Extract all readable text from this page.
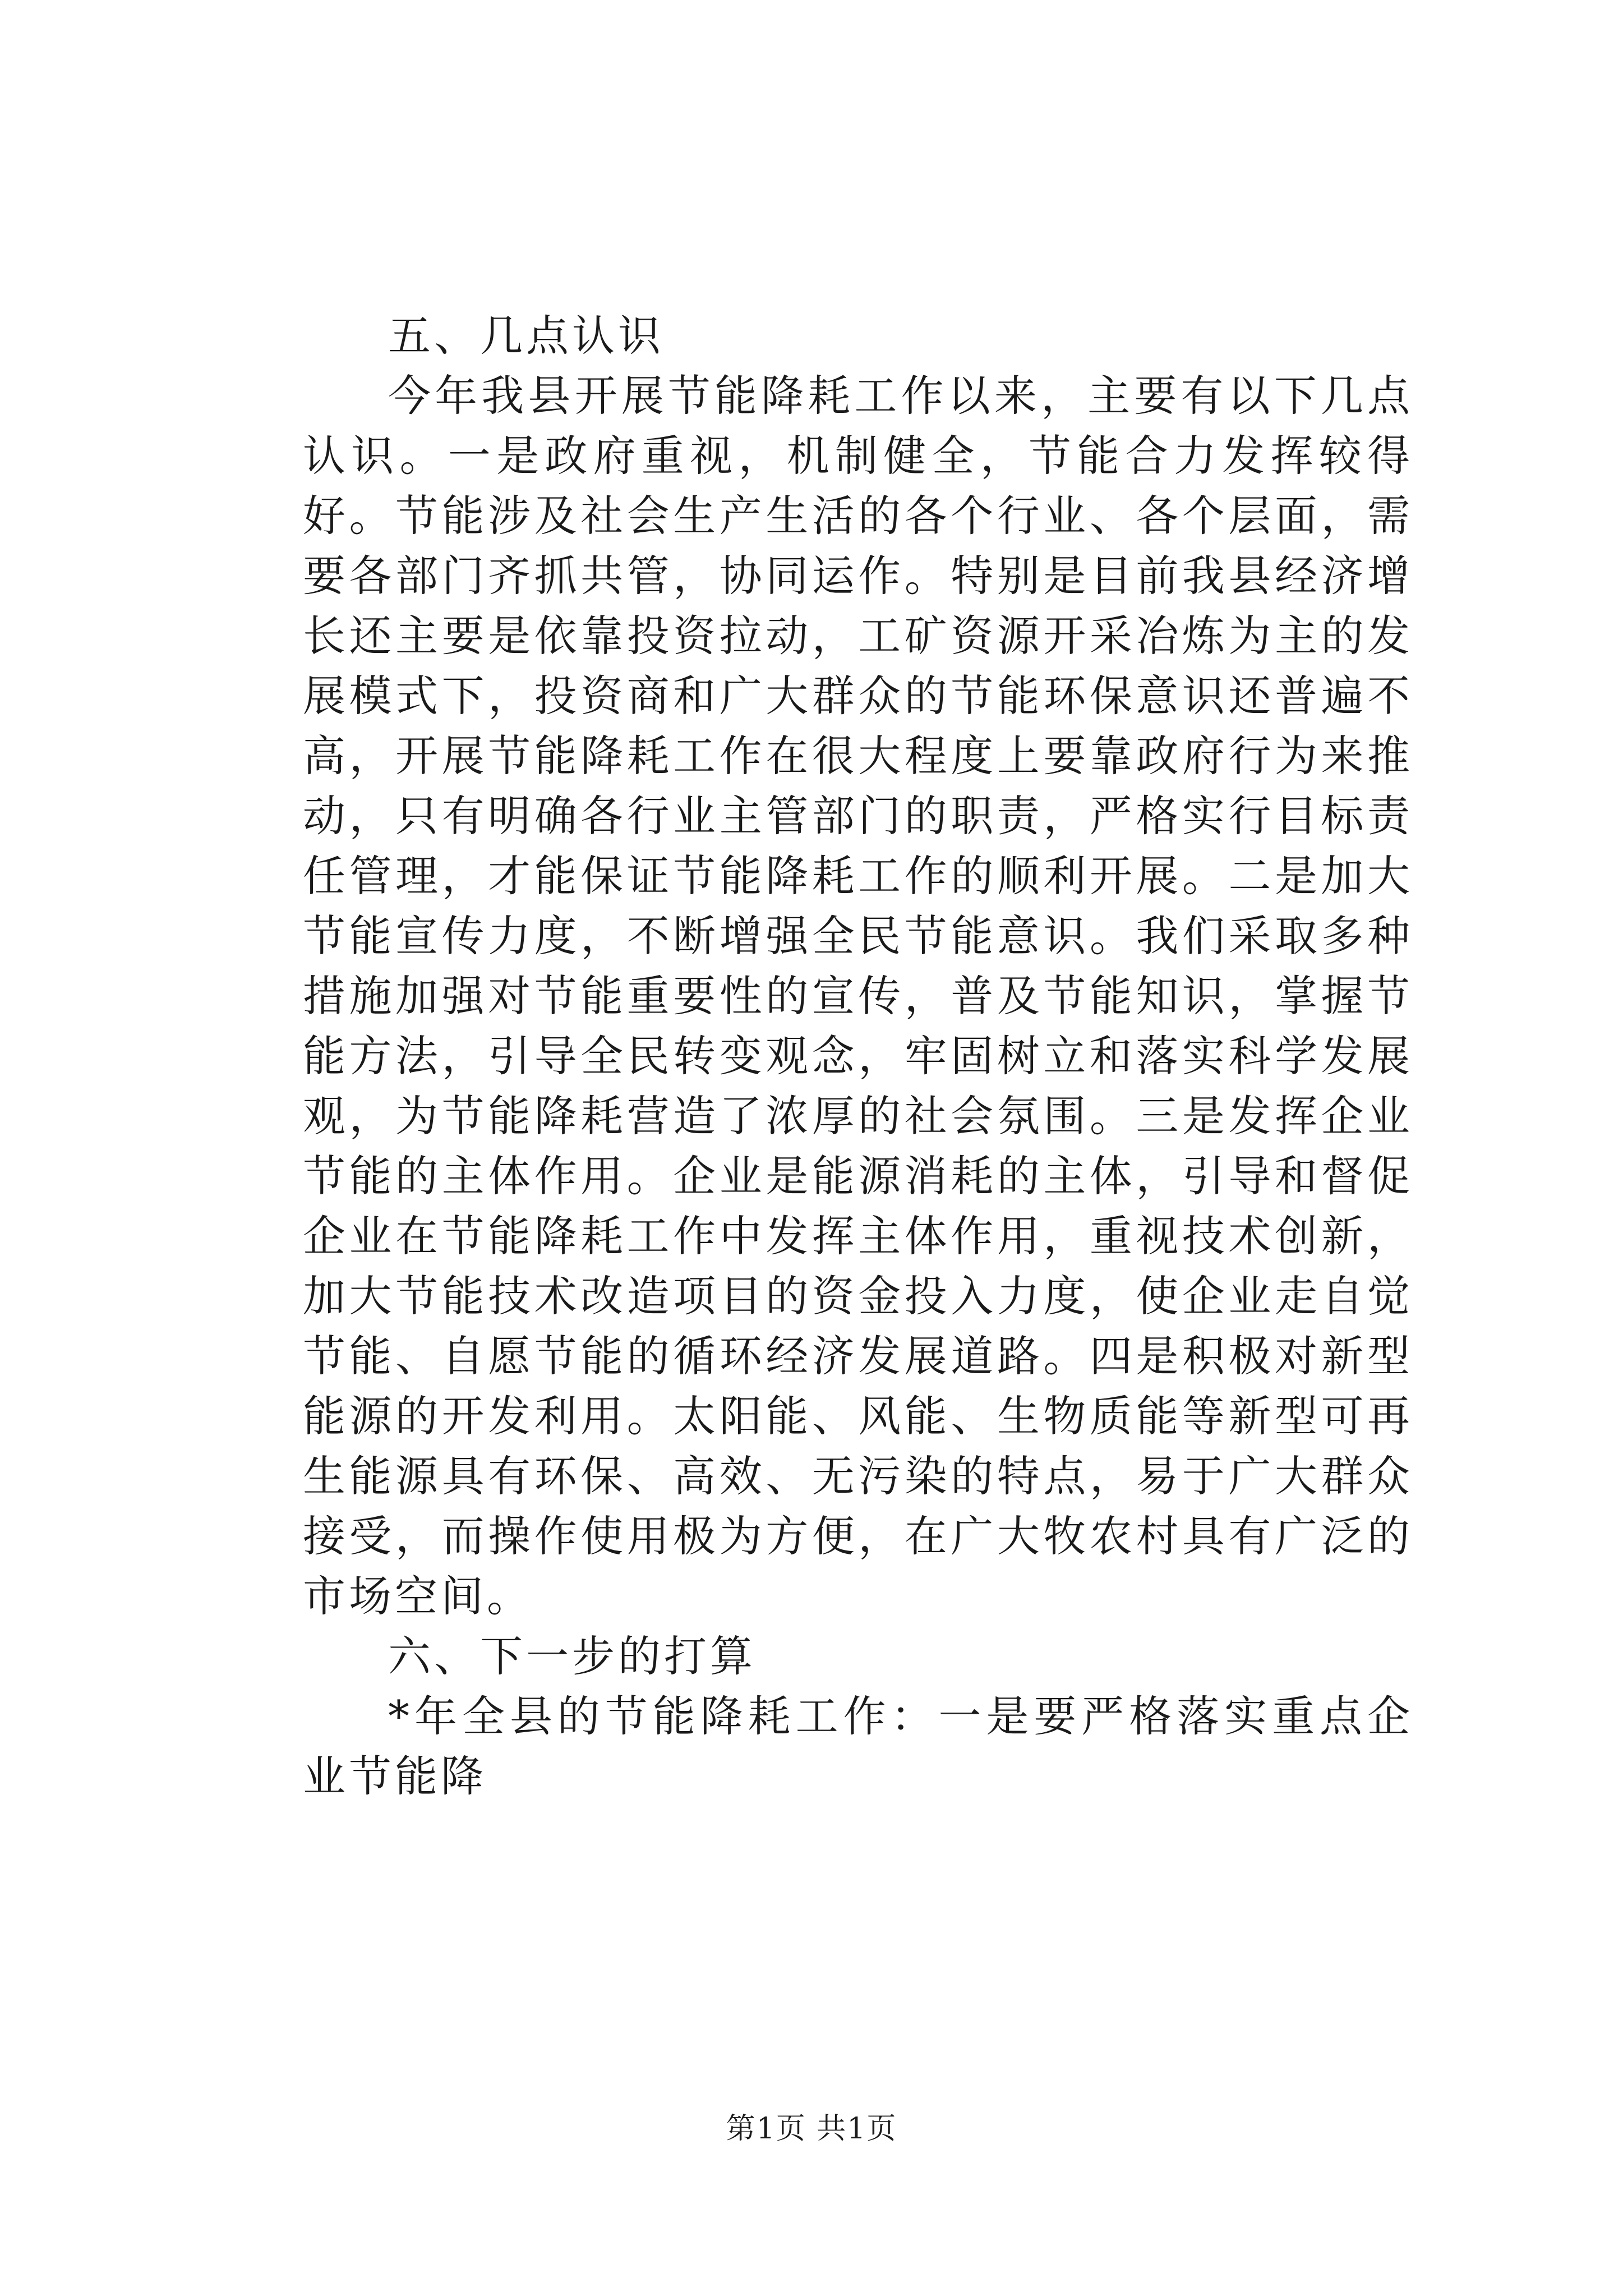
五、几点认识

今年我县开展节能降耗工作以来，主要有以下几点认识。一是政府重视，机制健全，节能合力发挥较得好。节能涉及社会生产生活的各个行业、各个层面，需要各部门齐抓共管，协同运作。特别是目前我县经济增长还主要是依靠投资拉动，工矿资源开采冶炼为主的发展模式下，投资商和广大群众的节能环保意识还普遍不高，开展节能降耗工作在很大程度上要靠政府行为来推动，只有明确各行业主管部门的职责，严格实行目标责任管理，才能保证节能降耗工作的顺利开展。二是加大节能宣传力度，不断增强全民节能意识。我们采取多种措施加强对节能重要性的宣传，普及节能知识，掌握节能方法，引导全民转变观念，牢固树立和落实科学发展观，为节能降耗营造了浓厚的社会氛围。三是发挥企业节能的主体作用。企业是能源消耗的主体，引导和督促企业在节能降耗工作中发挥主体作用，重视技术创新，加大节能技术改造项目的资金投入力度，使企业走自觉节能、自愿节能的循环经济发展道路。四是积极对新型能源的开发利用。太阳能、风能、生物质能等新型可再生能源具有环保、高效、无污染的特点，易于广大群众接受，而操作使用极为方便，在广大牧农村具有广泛的市场空间。

六、下一步的打算

*年全县的节能降耗工作：一是要严格落实重点企业节能降

第1页 共1页
